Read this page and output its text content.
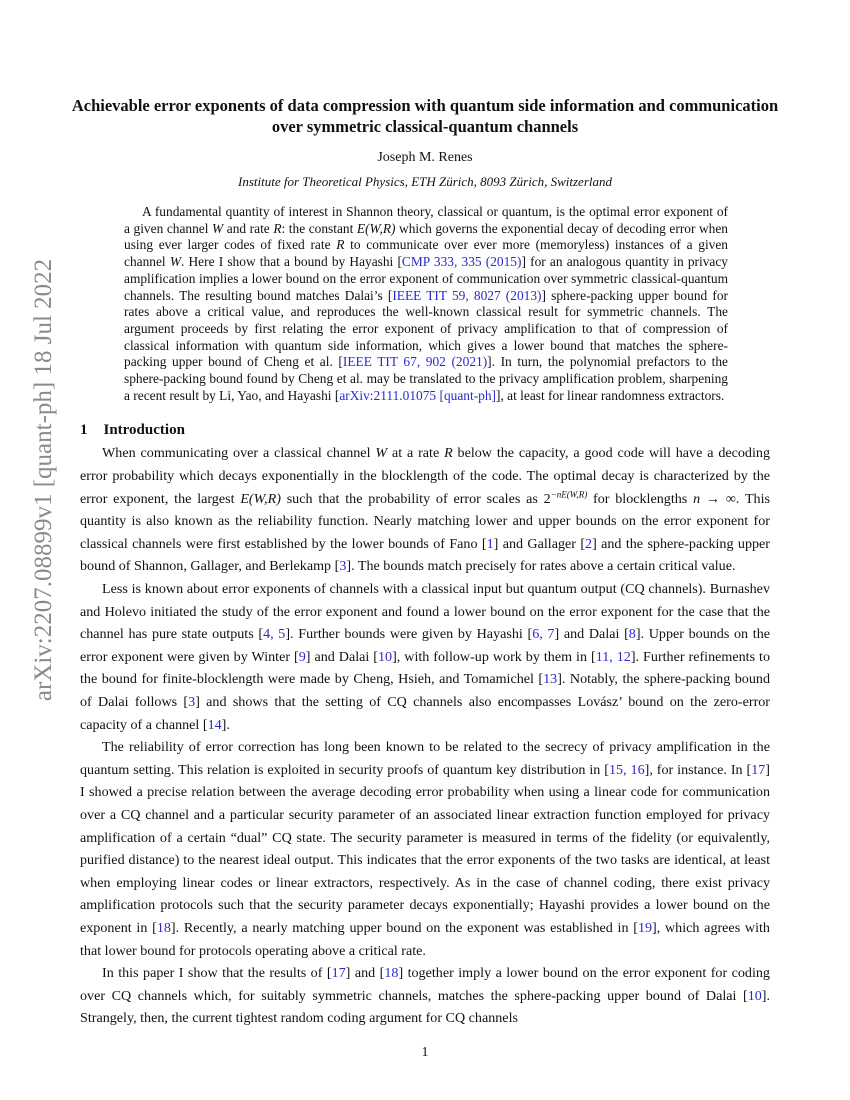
arXiv:2207.08899v1 [quant-ph] 18 Jul 2022
Achievable error exponents of data compression with quantum side information and communication over symmetric classical-quantum channels
Joseph M. Renes
Institute for Theoretical Physics, ETH Zürich, 8093 Zürich, Switzerland

A fundamental quantity of interest in Shannon theory, classical or quantum, is the optimal error exponent of a given channel W and rate R: the constant E(W,R) which governs the exponential decay of decoding error when using ever larger codes of fixed rate R to communicate over ever more (memoryless) instances of a given channel W. Here I show that a bound by Hayashi [CMP 333, 335 (2015)] for an analogous quantity in privacy amplification implies a lower bound on the error exponent of communication over symmetric classical-quantum channels. The resulting bound matches Dalai’s [IEEE TIT 59, 8027 (2013)] sphere-packing upper bound for rates above a critical value, and reproduces the well-known classical result for symmetric channels. The argument proceeds by first relating the error exponent of privacy amplification to that of compression of classical information with quantum side information, which gives a lower bound that matches the sphere-packing upper bound of Cheng et al. [IEEE TIT 67, 902 (2021)]. In turn, the polynomial prefactors to the sphere-packing bound found by Cheng et al. may be translated to the privacy amplification problem, sharpening a recent result by Li, Yao, and Hayashi [arXiv:2111.01075 [quant-ph]], at least for linear randomness extractors.

1 Introduction

When communicating over a classical channel W at a rate R below the capacity, a good code will have a decoding error probability which decays exponentially in the blocklength of the code. The optimal decay is characterized by the error exponent, the largest E(W,R) such that the probability of error scales as $2^{-nE(W,R)}$ for blocklengths n → ∞. This quantity is also known as the reliability function. Nearly matching lower and upper bounds on the error exponent for classical channels were first established by the lower bounds of Fano [1] and Gallager [2] and the sphere-packing upper bound of Shannon, Gallager, and Berlekamp [3]. The bounds match precisely for rates above a certain critical value.

Less is known about error exponents of channels with a classical input but quantum output (CQ channels). Burnashev and Holevo initiated the study of the error exponent and found a lower bound on the error exponent for the case that the channel has pure state outputs [4, 5]. Further bounds were given by Hayashi [6, 7] and Dalai [8]. Upper bounds on the error exponent were given by Winter [9] and Dalai [10], with follow-up work by them in [11, 12]. Further refinements to the bound for finite-blocklength were made by Cheng, Hsieh, and Tomamichel [13]. Notably, the sphere-packing bound of Dalai follows [3] and shows that the setting of CQ channels also encompasses Lovász’ bound on the zero-error capacity of a channel [14].

The reliability of error correction has long been known to be related to the secrecy of privacy amplification in the quantum setting. This relation is exploited in security proofs of quantum key distribution in [15, 16], for instance. In [17] I showed a precise relation between the average decoding error probability when using a linear code for communication over a CQ channel and a particular security parameter of an associated linear extraction function employed for privacy amplification of a certain “dual” CQ state. The security parameter is measured in terms of the fidelity (or equivalently, purified distance) to the nearest ideal output. This indicates that the error exponents of the two tasks are identical, at least when employing linear codes or linear extractors, respectively. As in the case of channel coding, there exist privacy amplification protocols such that the security parameter decays exponentially; Hayashi provides a lower bound on the exponent in [18]. Recently, a nearly matching upper bound on the exponent was established in [19], which agrees with that lower bound for protocols operating above a critical rate.

In this paper I show that the results of [17] and [18] together imply a lower bound on the error exponent for coding over CQ channels which, for suitably symmetric channels, matches the sphere-packing upper bound of Dalai [10]. Strangely, then, the current tightest random coding argument for CQ channels

1
